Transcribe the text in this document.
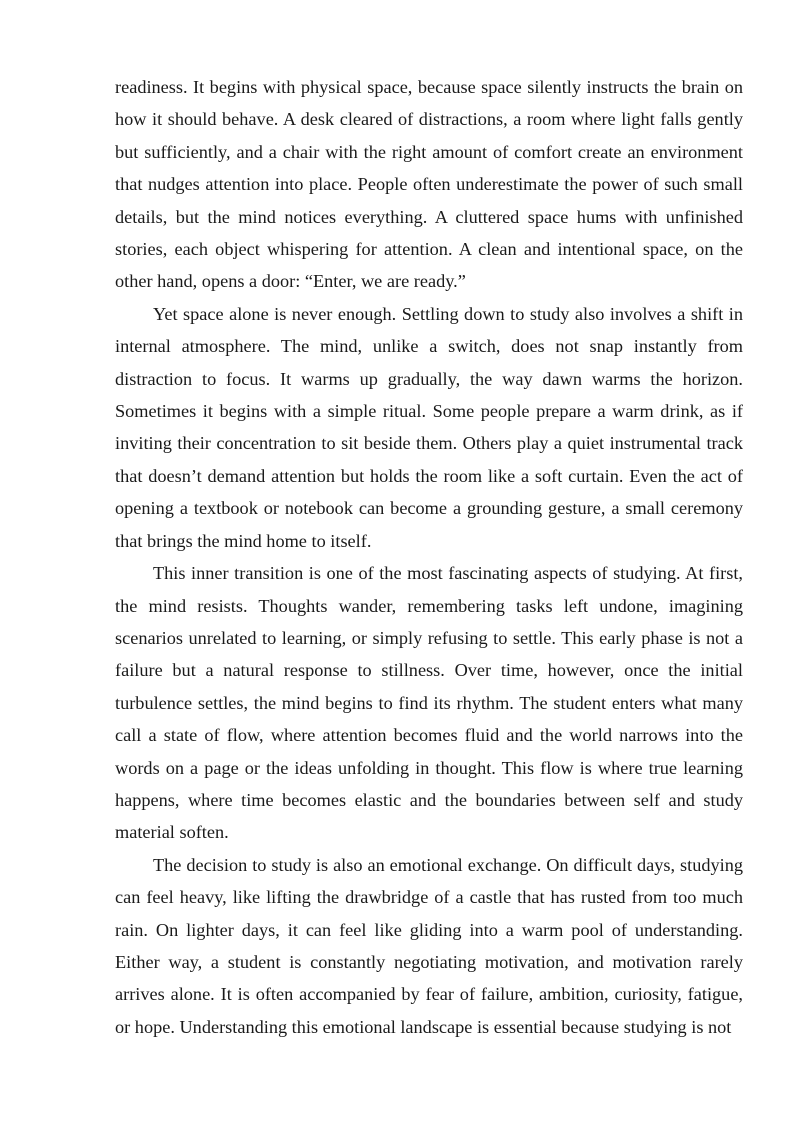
readiness. It begins with physical space, because space silently instructs the brain on how it should behave. A desk cleared of distractions, a room where light falls gently but sufficiently, and a chair with the right amount of comfort create an environment that nudges attention into place. People often underestimate the power of such small details, but the mind notices everything. A cluttered space hums with unfinished stories, each object whispering for attention. A clean and intentional space, on the other hand, opens a door: “Enter, we are ready.”

Yet space alone is never enough. Settling down to study also involves a shift in internal atmosphere. The mind, unlike a switch, does not snap instantly from distraction to focus. It warms up gradually, the way dawn warms the horizon. Sometimes it begins with a simple ritual. Some people prepare a warm drink, as if inviting their concentration to sit beside them. Others play a quiet instrumental track that doesn’t demand attention but holds the room like a soft curtain. Even the act of opening a textbook or notebook can become a grounding gesture, a small ceremony that brings the mind home to itself.

This inner transition is one of the most fascinating aspects of studying. At first, the mind resists. Thoughts wander, remembering tasks left undone, imagining scenarios unrelated to learning, or simply refusing to settle. This early phase is not a failure but a natural response to stillness. Over time, however, once the initial turbulence settles, the mind begins to find its rhythm. The student enters what many call a state of flow, where attention becomes fluid and the world narrows into the words on a page or the ideas unfolding in thought. This flow is where true learning happens, where time becomes elastic and the boundaries between self and study material soften.

The decision to study is also an emotional exchange. On difficult days, studying can feel heavy, like lifting the drawbridge of a castle that has rusted from too much rain. On lighter days, it can feel like gliding into a warm pool of understanding. Either way, a student is constantly negotiating motivation, and motivation rarely arrives alone. It is often accompanied by fear of failure, ambition, curiosity, fatigue, or hope. Understanding this emotional landscape is essential because studying is not
